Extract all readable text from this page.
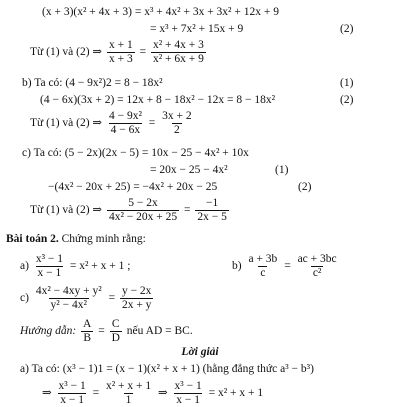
(x + 3)(x² + 4x + 3) = x³ + 4x² + 3x + 3x² + 12x + 9
= x³ + 7x² + 15x + 9	(2)
Từ (1) và (2) ⇒ $\frac{x + 1}{x + 3} = \frac{\text{x² + 4x + 3}}{\text{x² + 6x + 9}}$
b) Ta có: (4 − 9x²)2 = 8 − 18x²	(1)
(4 − 6x)(3x + 2) = 12x + 8 − 18x² − 12x = 8 − 18x²	(2)
Từ (1) và (2) ⇒ $\frac{\text{4 − 9x²}}{4 - 6x} = \frac{3x + 2}{2}$
c) Ta có: (5 − 2x)(2x − 5) = 10x − 25 − 4x² + 10x
= 20x − 25 − 4x²	(1)
−(4x² − 20x + 25) = −4x² + 20x − 25	(2)
Từ (1) và (2) ⇒ $\frac{5 - 2x}{\text{4x² − 20x + 25}} = \frac{-1}{2x - 5}$
Bài toán 2. Chứng minh rằng:
$a) \frac{\text{x³ − 1}}{x - 1} = x^2 + x + 1$ ;	$b) \frac{a + 3b}{c} = \frac{ac + 3bc}{\text{c²}}$
$c) \frac{\text{4x² − 4xy + y²}}{\text{y² − 4x²}} = \frac{y - 2x}{2x + y}$
Hướng dẫn: $\frac{A}{B} = \frac{C}{D}$ nếu AD = BC.
Lời giải
a) Ta có: (x³ − 1)1 = (x − 1)(x² + x + 1) (hằng đẳng thức a³ − b³)
⇒ $\frac{\text{x³ − 1}}{x - 1} = \frac{\text{x² + x + 1}}{1}$ ⇒ $\frac{\text{x³ − 1}}{x - 1} = x^2 + x + 1$
